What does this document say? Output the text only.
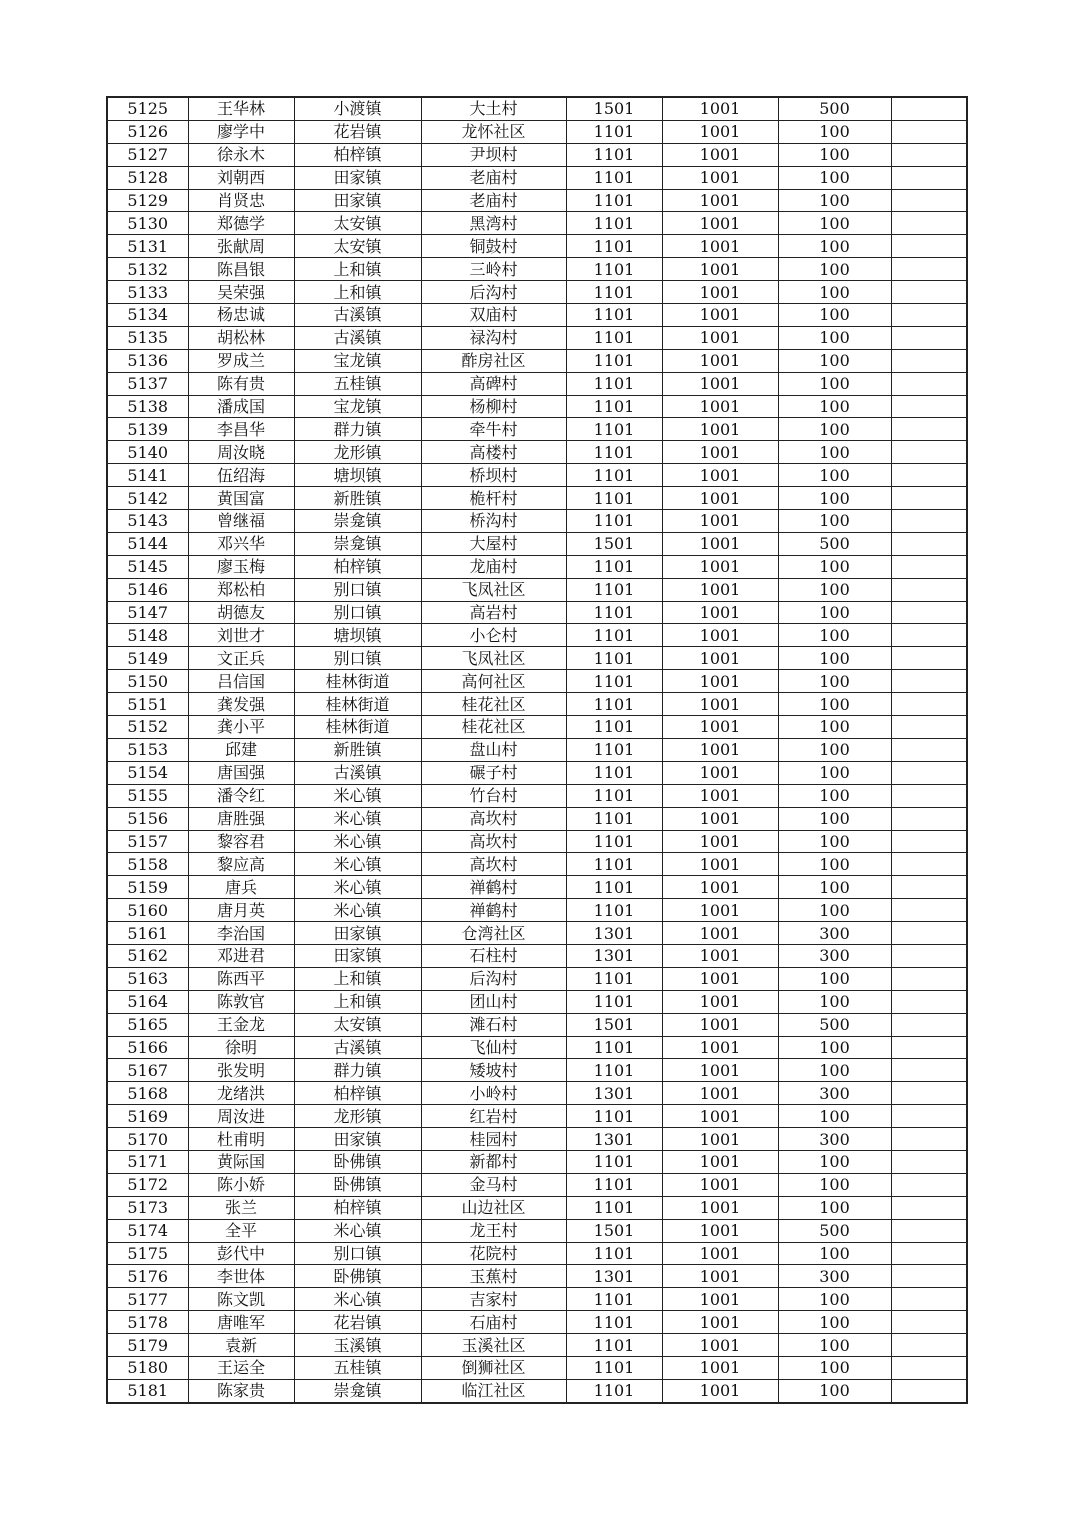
5125	王华林	小渡镇	大土村	1501	1001	500	
5126	廖学中	花岩镇	龙怀社区	1101	1001	100	
5127	徐永木	柏梓镇	尹坝村	1101	1001	100	
5128	刘朝西	田家镇	老庙村	1101	1001	100	
5129	肖贤忠	田家镇	老庙村	1101	1001	100	
5130	郑德学	太安镇	黑湾村	1101	1001	100	
5131	张献周	太安镇	铜鼓村	1101	1001	100	
5132	陈昌银	上和镇	三岭村	1101	1001	100	
5133	吴荣强	上和镇	后沟村	1101	1001	100	
5134	杨忠诚	古溪镇	双庙村	1101	1001	100	
5135	胡松林	古溪镇	禄沟村	1101	1001	100	
5136	罗成兰	宝龙镇	酢房社区	1101	1001	100	
5137	陈有贵	五桂镇	高碑村	1101	1001	100	
5138	潘成国	宝龙镇	杨柳村	1101	1001	100	
5139	李昌华	群力镇	牵牛村	1101	1001	100	
5140	周汝晓	龙形镇	高楼村	1101	1001	100	
5141	伍绍海	塘坝镇	桥坝村	1101	1001	100	
5142	黄国富	新胜镇	桅杆村	1101	1001	100	
5143	曾继福	崇龛镇	桥沟村	1101	1001	100	
5144	邓兴华	崇龛镇	大屋村	1501	1001	500	
5145	廖玉梅	柏梓镇	龙庙村	1101	1001	100	
5146	郑松柏	别口镇	飞凤社区	1101	1001	100	
5147	胡德友	别口镇	高岩村	1101	1001	100	
5148	刘世才	塘坝镇	小仑村	1101	1001	100	
5149	文正兵	别口镇	飞凤社区	1101	1001	100	
5150	吕信国	桂林街道	高何社区	1101	1001	100	
5151	龚发强	桂林街道	桂花社区	1101	1001	100	
5152	龚小平	桂林街道	桂花社区	1101	1001	100	
5153	邱建	新胜镇	盘山村	1101	1001	100	
5154	唐国强	古溪镇	碾子村	1101	1001	100	
5155	潘令红	米心镇	竹台村	1101	1001	100	
5156	唐胜强	米心镇	高坎村	1101	1001	100	
5157	黎容君	米心镇	高坎村	1101	1001	100	
5158	黎应高	米心镇	高坎村	1101	1001	100	
5159	唐兵	米心镇	禅鹤村	1101	1001	100	
5160	唐月英	米心镇	禅鹤村	1101	1001	100	
5161	李治国	田家镇	仓湾社区	1301	1001	300	
5162	邓进君	田家镇	石柱村	1301	1001	300	
5163	陈西平	上和镇	后沟村	1101	1001	100	
5164	陈敦官	上和镇	团山村	1101	1001	100	
5165	王金龙	太安镇	滩石村	1501	1001	500	
5166	徐明	古溪镇	飞仙村	1101	1001	100	
5167	张发明	群力镇	矮坡村	1101	1001	100	
5168	龙绪洪	柏梓镇	小岭村	1301	1001	300	
5169	周汝进	龙形镇	红岩村	1101	1001	100	
5170	杜甫明	田家镇	桂园村	1301	1001	300	
5171	黄际国	卧佛镇	新都村	1101	1001	100	
5172	陈小娇	卧佛镇	金马村	1101	1001	100	
5173	张兰	柏梓镇	山边社区	1101	1001	100	
5174	全平	米心镇	龙王村	1501	1001	500	
5175	彭代中	别口镇	花院村	1101	1001	100	
5176	李世体	卧佛镇	玉蕉村	1301	1001	300	
5177	陈文凯	米心镇	吉家村	1101	1001	100	
5178	唐唯军	花岩镇	石庙村	1101	1001	100	
5179	袁新	玉溪镇	玉溪社区	1101	1001	100	
5180	王运全	五桂镇	倒狮社区	1101	1001	100	
5181	陈家贵	崇龛镇	临江社区	1101	1001	100	
